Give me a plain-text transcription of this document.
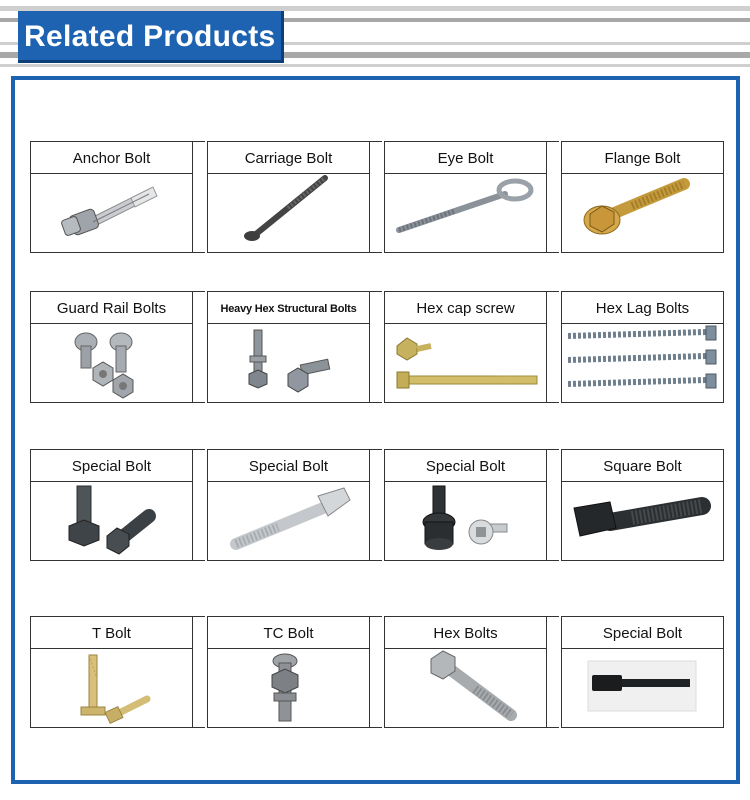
Related Products
Anchor Bolt	Carriage Bolt	Eye Bolt	Flange Bolt
Guard Rail Bolts	Heavy Hex Structural Bolts	Hex cap screw	Hex Lag Bolts
Special Bolt	Special Bolt	Special Bolt	Square Bolt
T Bolt	TC Bolt	Hex Bolts	Special Bolt
